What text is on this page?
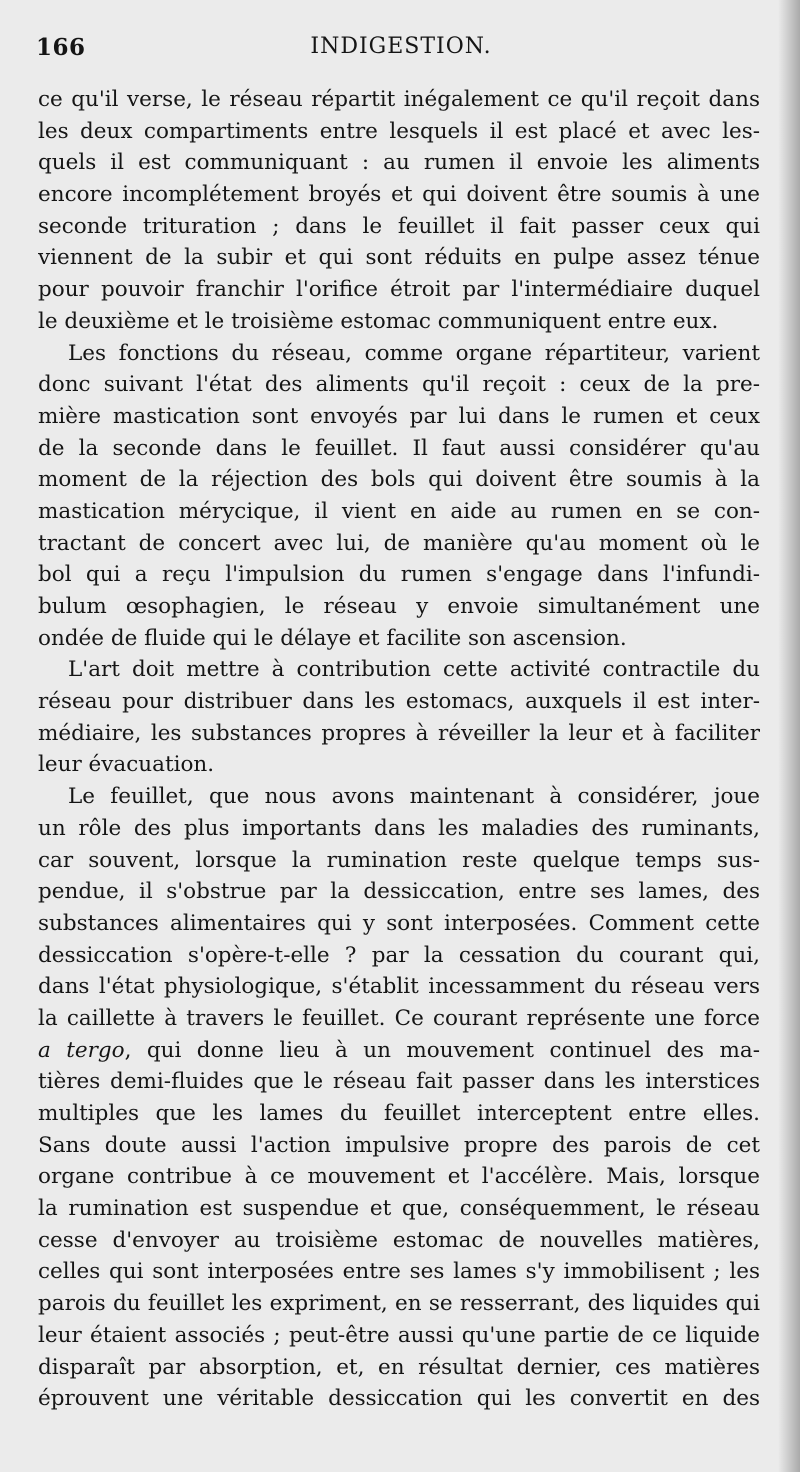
166	INDIGESTION.
ce qu'il verse, le réseau répartit inégalement ce qu'il reçoit dans
les deux compartiments entre lesquels il est placé et avec les-
quels il est communiquant : au rumen il envoie les aliments
encore incomplétement broyés et qui doivent être soumis à une
seconde trituration ; dans le feuillet il fait passer ceux qui
viennent de la subir et qui sont réduits en pulpe assez ténue
pour pouvoir franchir l'orifice étroit par l'intermédiaire duquel
le deuxième et le troisième estomac communiquent entre eux.
Les fonctions du réseau, comme organe répartiteur, varient
donc suivant l'état des aliments qu'il reçoit : ceux de la pre-
mière mastication sont envoyés par lui dans le rumen et ceux
de la seconde dans le feuillet. Il faut aussi considérer qu'au
moment de la réjection des bols qui doivent être soumis à la
mastication mérycique, il vient en aide au rumen en se con-
tractant de concert avec lui, de manière qu'au moment où le
bol qui a reçu l'impulsion du rumen s'engage dans l'infundi-
bulum œsophagien, le réseau y envoie simultanément une
ondée de fluide qui le délaye et facilite son ascension.
L'art doit mettre à contribution cette activité contractile du
réseau pour distribuer dans les estomacs, auxquels il est inter-
médiaire, les substances propres à réveiller la leur et à faciliter
leur évacuation.
Le feuillet, que nous avons maintenant à considérer, joue
un rôle des plus importants dans les maladies des ruminants,
car souvent, lorsque la rumination reste quelque temps sus-
pendue, il s'obstrue par la dessiccation, entre ses lames, des
substances alimentaires qui y sont interposées. Comment cette
dessiccation s'opère-t-elle ? par la cessation du courant qui,
dans l'état physiologique, s'établit incessamment du réseau vers
la caillette à travers le feuillet. Ce courant représente une force
a tergo, qui donne lieu à un mouvement continuel des ma-
tières demi-fluides que le réseau fait passer dans les interstices
multiples que les lames du feuillet interceptent entre elles.
Sans doute aussi l'action impulsive propre des parois de cet
organe contribue à ce mouvement et l'accélère. Mais, lorsque
la rumination est suspendue et que, conséquemment, le réseau
cesse d'envoyer au troisième estomac de nouvelles matières,
celles qui sont interposées entre ses lames s'y immobilisent ; les
parois du feuillet les expriment, en se resserrant, des liquides qui
leur étaient associés ; peut-être aussi qu'une partie de ce liquide
disparaît par absorption, et, en résultat dernier, ces matières
éprouvent une véritable dessiccation qui les convertit en des
